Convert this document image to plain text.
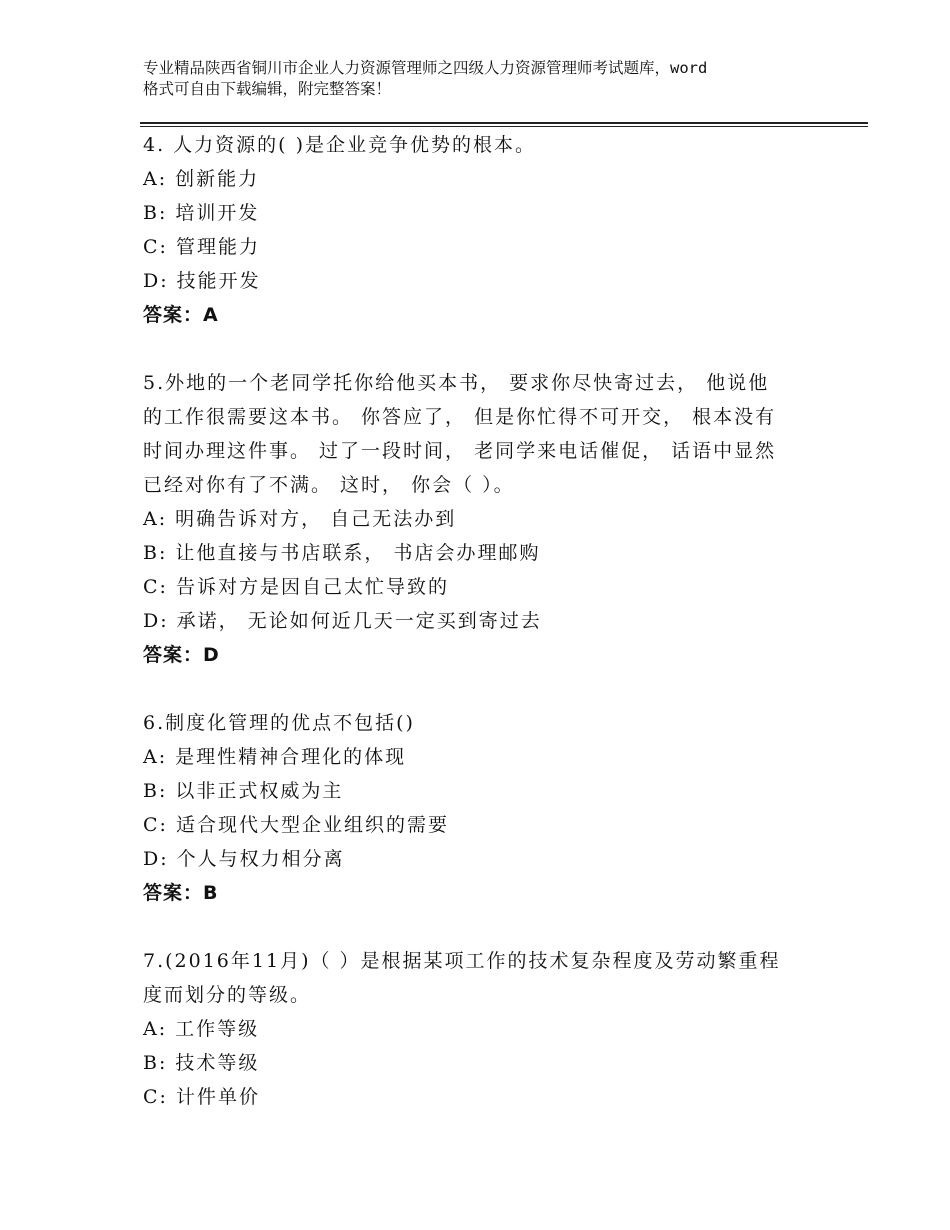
专业精品陕西省铜川市企业人力资源管理师之四级人力资源管理师考试题库，word
格式可自由下载编辑，附完整答案！
4. 人力资源的( )是企业竞争优势的根本。
A: 创新能力
B: 培训开发
C: 管理能力
D: 技能开发
答案：A
5.外地的一个老同学托你给他买本书， 要求你尽快寄过去， 他说他
的工作很需要这本书。 你答应了， 但是你忙得不可开交， 根本没有
时间办理这件事。 过了一段时间， 老同学来电话催促， 话语中显然
已经对你有了不满。 这时， 你会（ ）。
A: 明确告诉对方， 自己无法办到
B: 让他直接与书店联系， 书店会办理邮购
C: 告诉对方是因自己太忙导致的
D: 承诺， 无论如何近几天一定买到寄过去
答案：D
6.制度化管理的优点不包括()
A: 是理性精神合理化的体现
B: 以非正式权威为主
C: 适合现代大型企业组织的需要
D: 个人与权力相分离
答案：B
7.(2016年11月)（ ）是根据某项工作的技术复杂程度及劳动繁重程
度而划分的等级。
A: 工作等级
B: 技术等级
C: 计件单价
